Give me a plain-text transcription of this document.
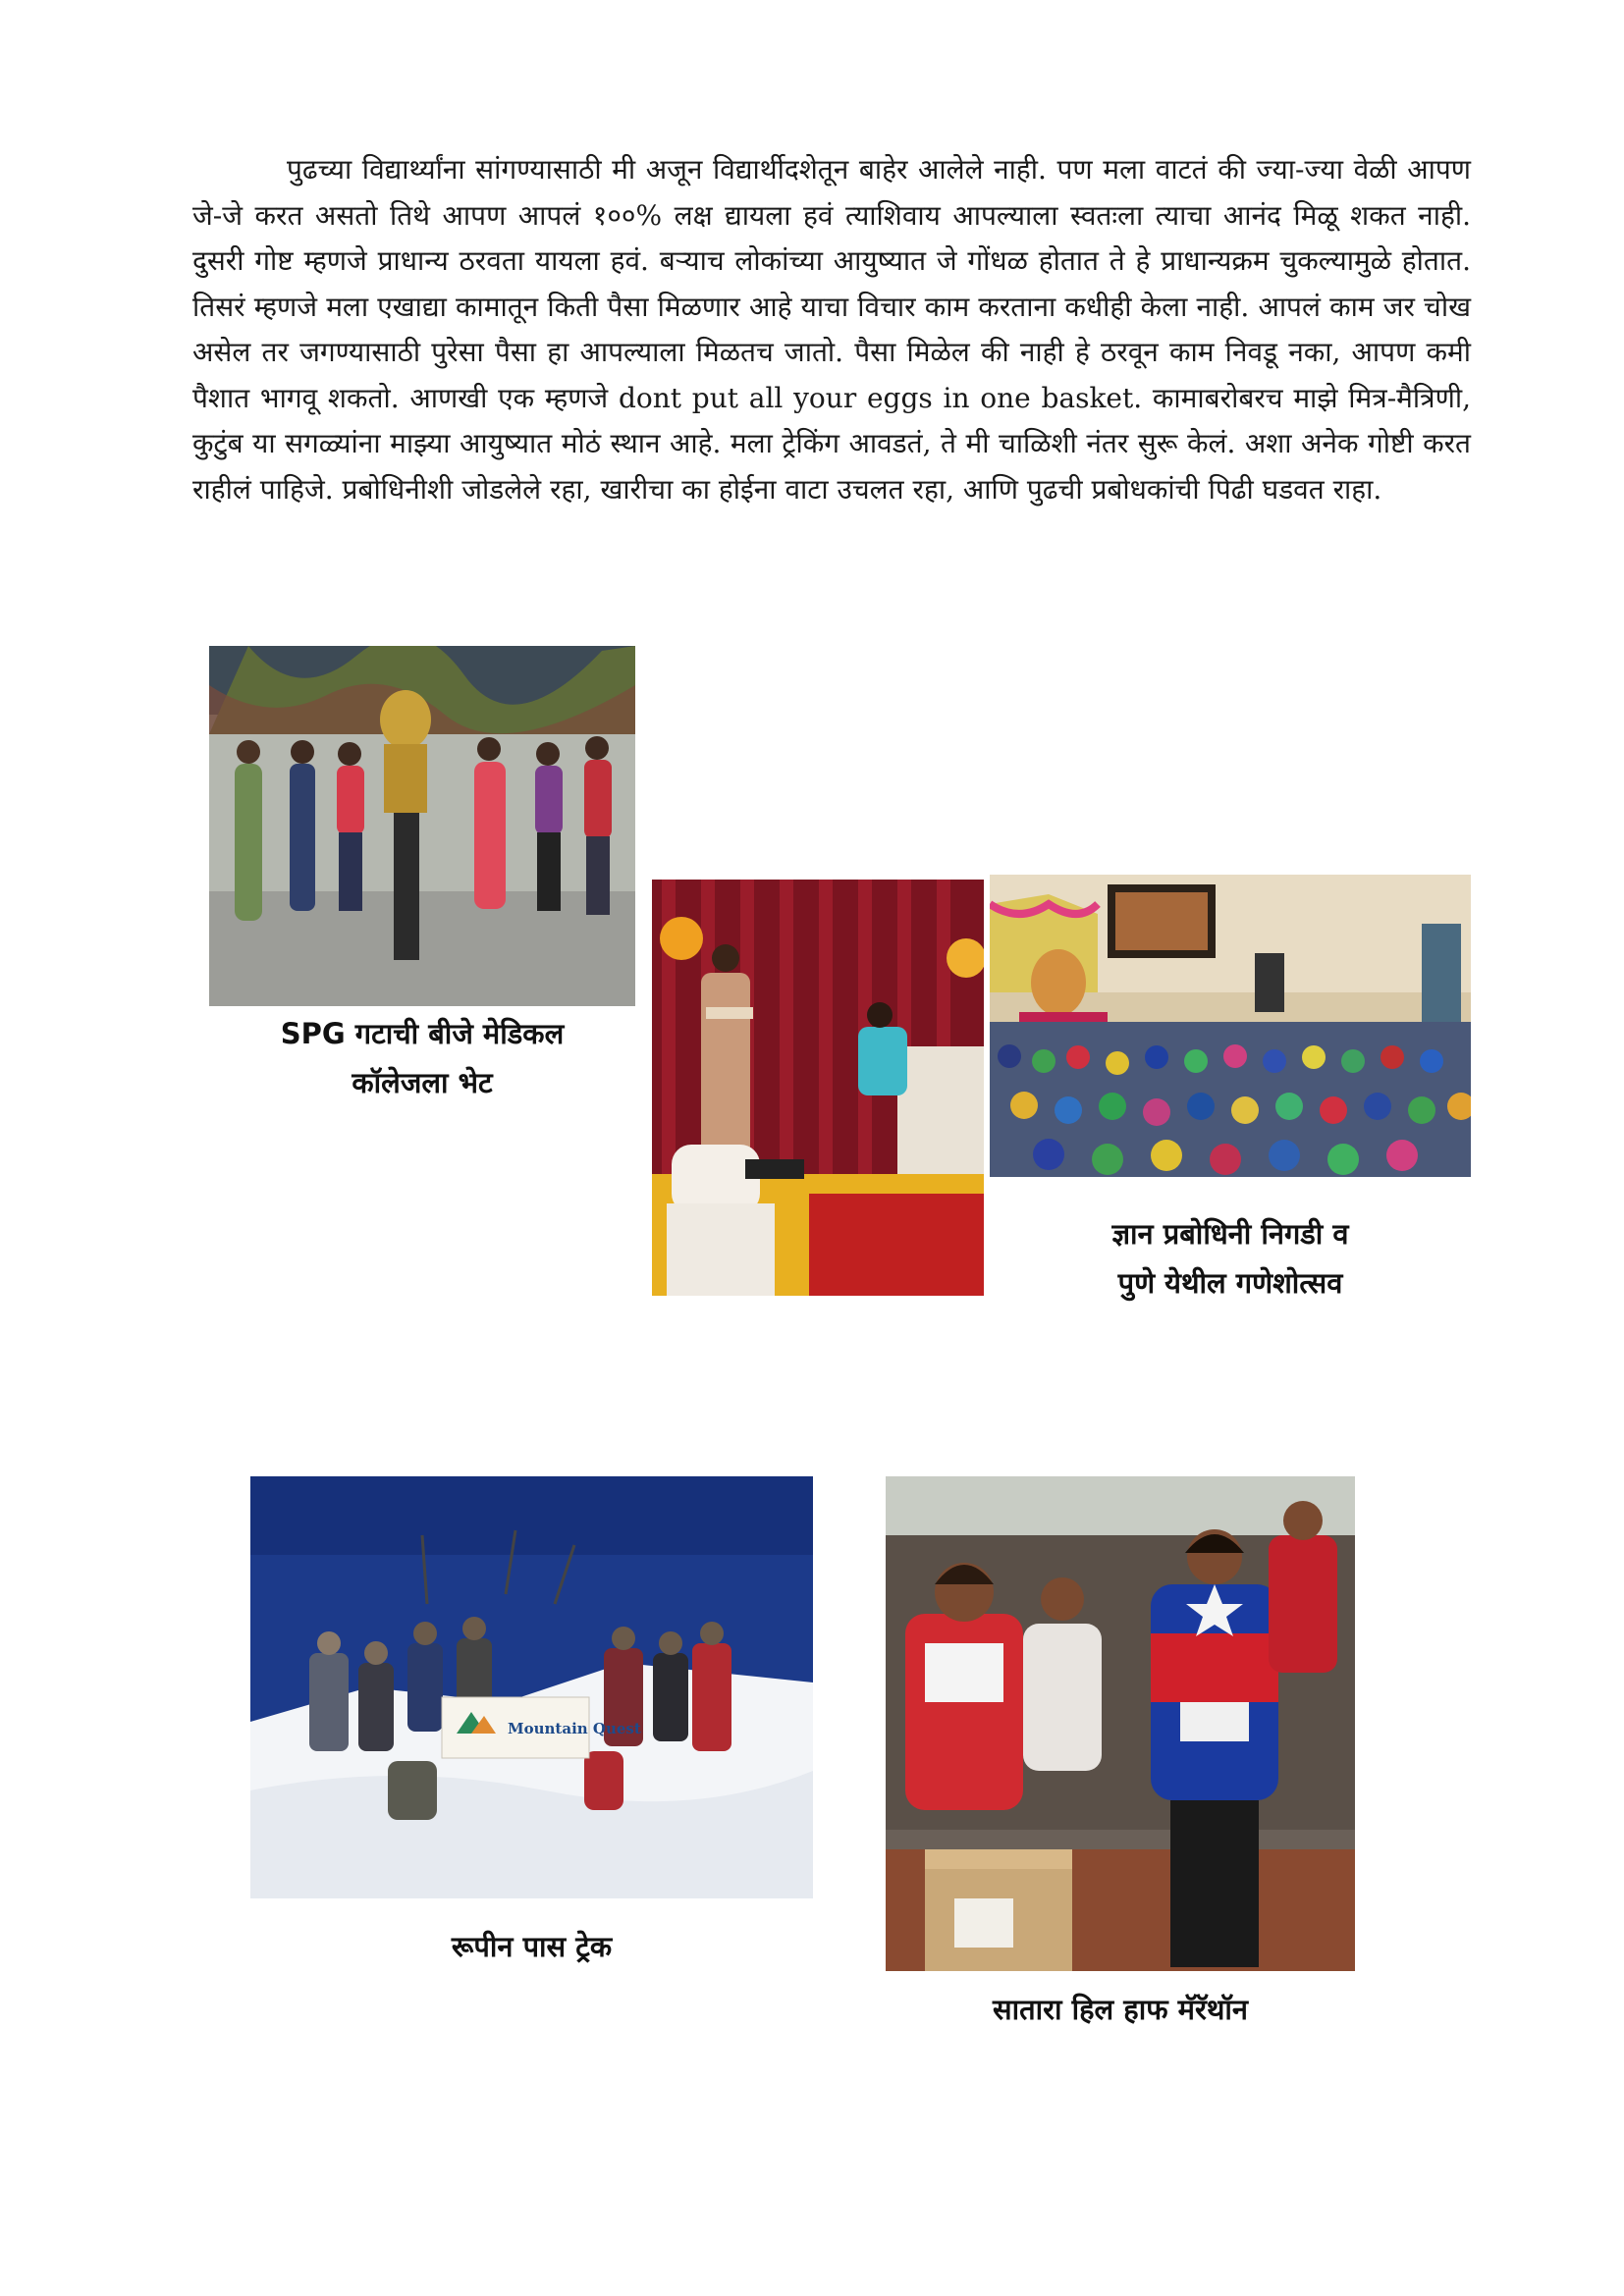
पुढच्या विद्यार्थ्यांना सांगण्यासाठी मी अजून विद्यार्थीदशेतून बाहेर आलेले नाही. पण मला वाटतं की ज्या-ज्या वेळी आपण जे-जे करत असतो तिथे आपण आपलं १००% लक्ष द्यायला हवं त्याशिवाय आपल्याला स्वतःला त्याचा आनंद मिळू शकत नाही. दुसरी गोष्ट म्हणजे प्राधान्य ठरवता यायला हवं. बऱ्याच लोकांच्या आयुष्यात जे गोंधळ होतात ते हे प्राधान्यक्रम चुकल्यामुळे होतात. तिसरं म्हणजे मला एखाद्या कामातून किती पैसा मिळणार आहे याचा विचार काम करताना कधीही केला नाही. आपलं काम जर चोख असेल तर जगण्यासाठी पुरेसा पैसा हा आपल्याला मिळतच जातो. पैसा मिळेल की नाही हे ठरवून काम निवडू नका, आपण कमी पैशात भागवू शकतो. आणखी एक म्हणजे dont put all your eggs in one basket. कामाबरोबरच माझे मित्र-मैत्रिणी, कुटुंब या सगळ्यांना माझ्या आयुष्यात मोठं स्थान आहे. मला ट्रेकिंग आवडतं, ते मी चाळिशी नंतर सुरू केलं. अशा अनेक गोष्टी करत राहीलं पाहिजे. प्रबोधिनीशी जोडलेले रहा, खारीचा का होईना वाटा उचलत रहा, आणि पुढची प्रबोधकांची पिढी घडवत राहा.

SPG गटाची बीजे मेडिकल
कॉलेजला भेट

ज्ञान प्रबोधिनी निगडी व
पुणे येथील गणेशोत्सव

Mountain Quest

रूपीन पास ट्रेक

सातारा हिल हाफ मॅरॅथॉन
